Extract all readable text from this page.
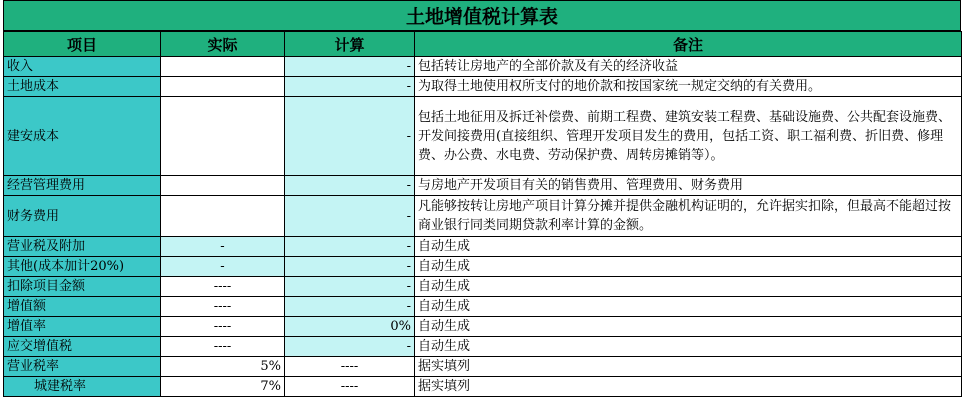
土地增值税计算表
项目	实际	计算	备注
收入		-	包括转让房地产的全部价款及有关的经济收益
土地成本		-	为取得土地使用权所支付的地价款和按国家统一规定交纳的有关费用。
建安成本		-	包括土地征用及拆迁补偿费、前期工程费、建筑安装工程费、基础设施费、公共配套设施费、开发间接费用(直接组织、管理开发项目发生的费用，包括工资、职工福利费、折旧费、修理费、办公费、水电费、劳动保护费、周转房摊销等）。
经营管理费用		-	与房地产开发项目有关的销售费用、管理费用、财务费用
财务费用		-	凡能够按转让房地产项目计算分摊并提供金融机构证明的，允许据实扣除，但最高不能超过按商业银行同类同期贷款利率计算的金额。
营业税及附加	-	-	自动生成
其他(成本加计20%)	-	-	自动生成
扣除项目金额	----	-	自动生成
增值额	----	-	自动生成
增值率	----	0%	自动生成
应交增值税	----	-	自动生成
营业税率	5%	----	据实填列
城建税率	7%	----	据实填列
